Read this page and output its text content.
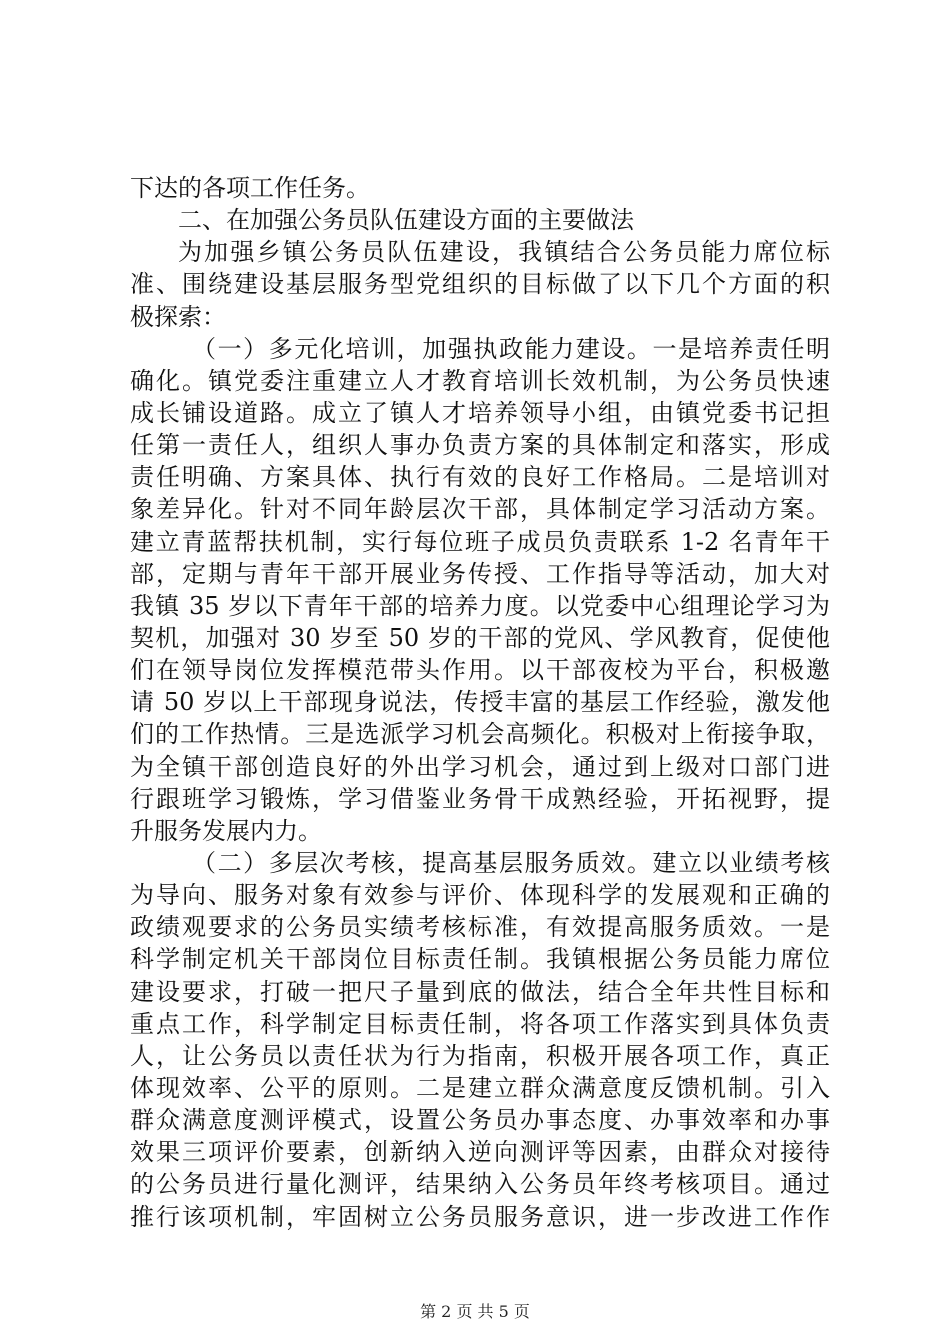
下达的各项工作任务。
二、在加强公务员队伍建设方面的主要做法
为加强乡镇公务员队伍建设，我镇结合公务员能力席位标
准、围绕建设基层服务型党组织的目标做了以下几个方面的积
极探索：
（一）多元化培训，加强执政能力建设。一是培养责任明
确化。镇党委注重建立人才教育培训长效机制，为公务员快速
成长铺设道路。成立了镇人才培养领导小组，由镇党委书记担
任第一责任人，组织人事办负责方案的具体制定和落实，形成
责任明确、方案具体、执行有效的良好工作格局。二是培训对
象差异化。针对不同年龄层次干部，具体制定学习活动方案。
建立青蓝帮扶机制，实行每位班子成员负责联系 1-2 名青年干
部，定期与青年干部开展业务传授、工作指导等活动，加大对
我镇 35 岁以下青年干部的培养力度。以党委中心组理论学习为
契机，加强对 30 岁至 50 岁的干部的党风、学风教育，促使他
们在领导岗位发挥模范带头作用。以干部夜校为平台，积极邀
请 50 岁以上干部现身说法，传授丰富的基层工作经验，激发他
们的工作热情。三是选派学习机会高频化。积极对上衔接争取，
为全镇干部创造良好的外出学习机会，通过到上级对口部门进
行跟班学习锻炼，学习借鉴业务骨干成熟经验，开拓视野，提
升服务发展内力。
（二）多层次考核，提高基层服务质效。建立以业绩考核
为导向、服务对象有效参与评价、体现科学的发展观和正确的
政绩观要求的公务员实绩考核标准，有效提高服务质效。一是
科学制定机关干部岗位目标责任制。我镇根据公务员能力席位
建设要求，打破一把尺子量到底的做法，结合全年共性目标和
重点工作，科学制定目标责任制，将各项工作落实到具体负责
人，让公务员以责任状为行为指南，积极开展各项工作，真正
体现效率、公平的原则。二是建立群众满意度反馈机制。引入
群众满意度测评模式，设置公务员办事态度、办事效率和办事
效果三项评价要素，创新纳入逆向测评等因素，由群众对接待
的公务员进行量化测评，结果纳入公务员年终考核项目。通过
推行该项机制，牢固树立公务员服务意识，进一步改进工作作
第 2 页 共 5 页
